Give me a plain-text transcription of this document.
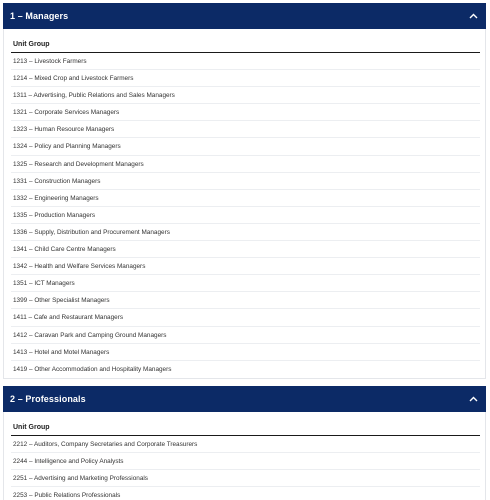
1 – Managers
Unit Group
1213 – Livestock Farmers
1214 – Mixed Crop and Livestock Farmers
1311 – Advertising, Public Relations and Sales Managers
1321 – Corporate Services Managers
1323 – Human Resource Managers
1324 – Policy and Planning Managers
1325 – Research and Development Managers
1331 – Construction Managers
1332 – Engineering Managers
1335 – Production Managers
1336 – Supply, Distribution and Procurement Managers
1341 – Child Care Centre Managers
1342 – Health and Welfare Services Managers
1351 – ICT Managers
1399 – Other Specialist Managers
1411 – Cafe and Restaurant Managers
1412 – Caravan Park and Camping Ground Managers
1413 – Hotel and Motel Managers
1419 – Other Accommodation and Hospitality Managers
2 – Professionals
Unit Group
2212 – Auditors, Company Secretaries and Corporate Treasurers
2244 – Intelligence and Policy Analysts
2251 – Advertising and Marketing Professionals
2253 – Public Relations Professionals
